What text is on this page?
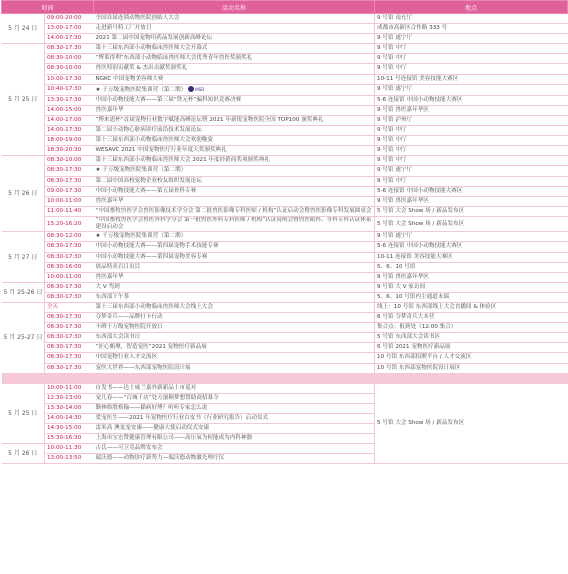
时间		活动名称	地点
5 月 24 日	09:00-20:00	全国首届连锁动物医院创始人大会	9 号馆 南充厅
	13:00-17:00	走进新马特工厂开放日	成都市高新区合作路 333 号
	14:00-17:30	2021 第二届中国宠物用药品发展创新高峰论坛	9 号馆 遂宁厅
5 月 25 日	08:30-17:30	第十三届东西部小动物临床兽医师大会开幕式	9 号馆 中厅
	08:30-10:00	“博莱得利”东西部小动物临床兽医师大会优秀青年兽医奖颁奖礼	9 号馆 中厅
	08:30-10:00	兽医特别贡献奖 & 杰出贡献奖颁奖礼	9 号馆 中厅
	10:00-17:30	NGKC 中国宠物美容师大赛	10-11 号连接馆 美容技能大赛区
	10:40-17:30	★ 千万级宠物医院集训营（第二期） MSD	9 号馆 遂宁厅
	13:30-17:30	中国小动物技能大赛——第三届“铁元杯”骗科知识竞赛决赛	5-6 连接馆 中国小动物技能大赛区
	14:00-15:00	兽医嘉年华	9 号馆 兽医嘉年华区
	14:00-17:00	“博来恩杯”首届宠物行业数字赋能高峰论坛暨 2021 年新锐宠物医院全国 TOP100 颁奖典礼	9 号馆 泸州厅
	14:00-17:30	第二届小动物心脏病诊疗前沿技术发展论坛	9 号馆 中厅
	18:00-19:00	第十三届东西部小动物临床兽医师大会欢迎晚宴	9 号馆 中厅
	18:30-20:30	WESAVC 2021 中国宠物医疗行业年度大奖颁奖典礼	9 号馆 中厅
5 月 26 日	08:30-10:00	第十三届东西部小动物临床兽医师大会 2021 年度经销商奖项颁奖典礼	9 号馆 中厅
	08:30-17:30	★ 千万级宠物医院集训营（第二期）	9 号馆 遂宁厅
	08:30-17:30	第二届中国高校宠物企业校友组织发展论坛	9 号馆 中厅
	09:00-17:30	中国小动物技能大赛——第五届骨科专赛	5-6 连接馆 中国小动物技能大赛区
	10:00-11:00	兽医嘉年华	9 号馆 兽医嘉年华区
	11:00-11:40	“中国畜牧兽医学会兽医影像技术学分会 第二批兽医影像专科医师 / 机构”认证启动会暨兽医影像专科发展圆桌会	5 号馆 大会 Show 场 / 新品发布区
	15:20-16:20	“中国畜牧兽医学会兽医外科学分会 第一批兽医外科专科医师 / 机构”认证说明会暨兽医眼科、牙科专科认证体系建设启动会	5 号馆 大会 Show 场 / 新品发布区
5 月 27 日	08:30-12:00	★ 千万级宠物医院集训营（第二期）	9 号馆 遂宁厅
	08:30-17:30	中国小动物技能大赛——第四届宠物手术技能专赛	5-6 连接馆 中国小动物技能大赛区
	08:30-17:30	中国小动物技能大赛——第四届宠物美容专赛	10-11 连接馆 美容技能大赛区
	08:30-16:00	晨品特卖百日页目	5、6、10 号馆
	10:00-11:00	兽医嘉年华	9 号馆 兽医嘉年华区
5 月 25-26 日	08:30-17:30	大 V 驾到	9 号馆 大 V 家访间
	08:30-17:30	东西部下午茶	5、6、10 号馆内主通道末端
5 月 25-27 日	全天	第十三届东西部小动物临床兽医师大会线上大会	线上：10 号馆 东西部线上大会直播间 & 体验区
	08:30-17:30	夺梦奇兵——品牌打卡行动	6 号馆 夺梦奇兵大本营
	08:30-17:30	丰碑于万级宠物医院开放日	集合点：报到处（12:00 集合）
	08:30-17:30	东西部大会读书日	5 号馆 东西部大会读书区
	08:30-17:30	“匠心甄聚，智造宠医”2021 宠物医疗新品展	6 号馆 2021 宠物医疗新品展
	08:30-17:30	中国宠物行业人才交流区	10 号馆 东西部招聘平台 / 人才交流区
	08:30-17:30	宠医大世界——东西部宠物医院设计展	10 号馆 东西部宠物医院设计展区

5 月 25 日	10:00-11:00	自发书——达士威兰嘉外新新品上市巡对	5 号馆 大会 Show 场 / 新品发布区
	12:30-13:00	宠儿春——“百城千店”处方滋顺梦想赞助商招募令	
	13:30-14:00	勤林格殷格翰——猫病好博？听听专家怎么说	
	14:00-14:30	爱宠医生——2021 年宠物医疗行业白皮书（行业研究报告）启动仪式	
	14:30-15:00	雷米高 澳龙宠安康——健康大使启动仪式安康	
	15:30-16:30	上海市宝宏赞健康管理有限公司——高压氧为何能成为内科神器	
5 月 26 日	10:00-11:30	古氏——可卫竞品牌发布会	
	13:00-13:50	瑞沃德——动物诊疗新势力—瑞沃德动物激光理疗仪	
